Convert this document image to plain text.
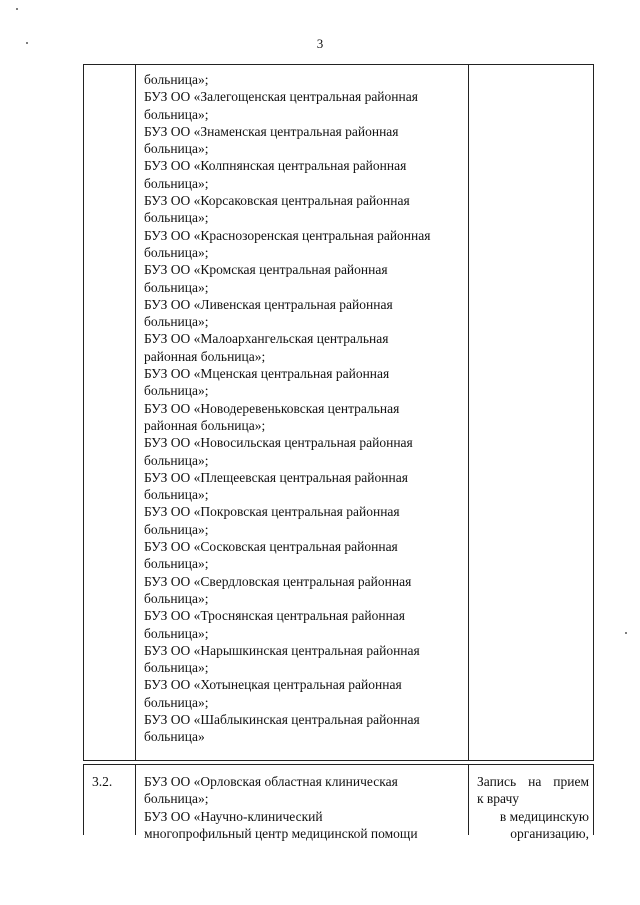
3
больница»;
БУЗ ОО «Залегощенская центральная районная
больница»;
БУЗ ОО «Знаменская центральная районная
больница»;
БУЗ ОО «Колпнянская центральная районная
больница»;
БУЗ ОО «Корсаковская центральная районная
больница»;
БУЗ ОО «Краснозоренская центральная районная
больница»;
БУЗ ОО «Кромская центральная районная
больница»;
БУЗ ОО «Ливенская центральная районная
больница»;
БУЗ ОО «Малоархангельская центральная
районная больница»;
БУЗ ОО «Мценская центральная районная
больница»;
БУЗ ОО «Новодеревеньковская центральная
районная больница»;
БУЗ ОО «Новосильская центральная районная
больница»;
БУЗ ОО «Плещеевская центральная районная
больница»;
БУЗ ОО «Покровская центральная районная
больница»;
БУЗ ОО «Сосковская центральная районная
больница»;
БУЗ ОО «Свердловская центральная районная
больница»;
БУЗ ОО «Троснянская центральная районная
больница»;
БУЗ ОО «Нарышкинская центральная районная
больница»;
БУЗ ОО «Хотынецкая центральная районная
больница»;
БУЗ ОО «Шаблыкинская центральная районная
больница»
3.2.	БУЗ ОО «Орловская областная клиническая
больница»;
БУЗ ОО «Научно-клинический
многопрофильный центр медицинской помощи
Запись на прием
к врачу
в медицинскую
организацию,
